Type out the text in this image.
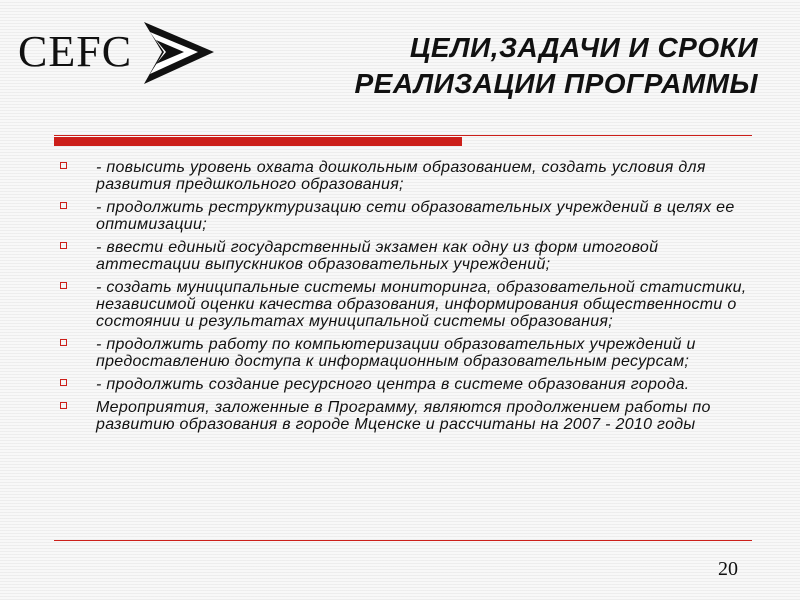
CEFC	ЦЕЛИ,ЗАДАЧИ И СРОКИ
РЕАЛИЗАЦИИ ПРОГРАММЫ
- повысить уровень охвата дошкольным образованием, создать условия для развития предшкольного образования;
- продолжить реструктуризацию сети образовательных учреждений в целях ее оптимизации;
- ввести единый государственный экзамен как одну из форм итоговой аттестации выпускников образовательных учреждений;
- создать муниципальные системы мониторинга, образовательной статистики, независимой оценки качества образования, информирования общественности о состоянии и результатах муниципальной системы образования;
- продолжить работу по компьютеризации образовательных учреждений и предоставлению доступа к информационным образовательным ресурсам;
- продолжить создание ресурсного центра в системе образования города.
Мероприятия, заложенные в Программу, являются продолжением работы по развитию образования в городе Мценске и рассчитаны на 2007 - 2010 годы
20
